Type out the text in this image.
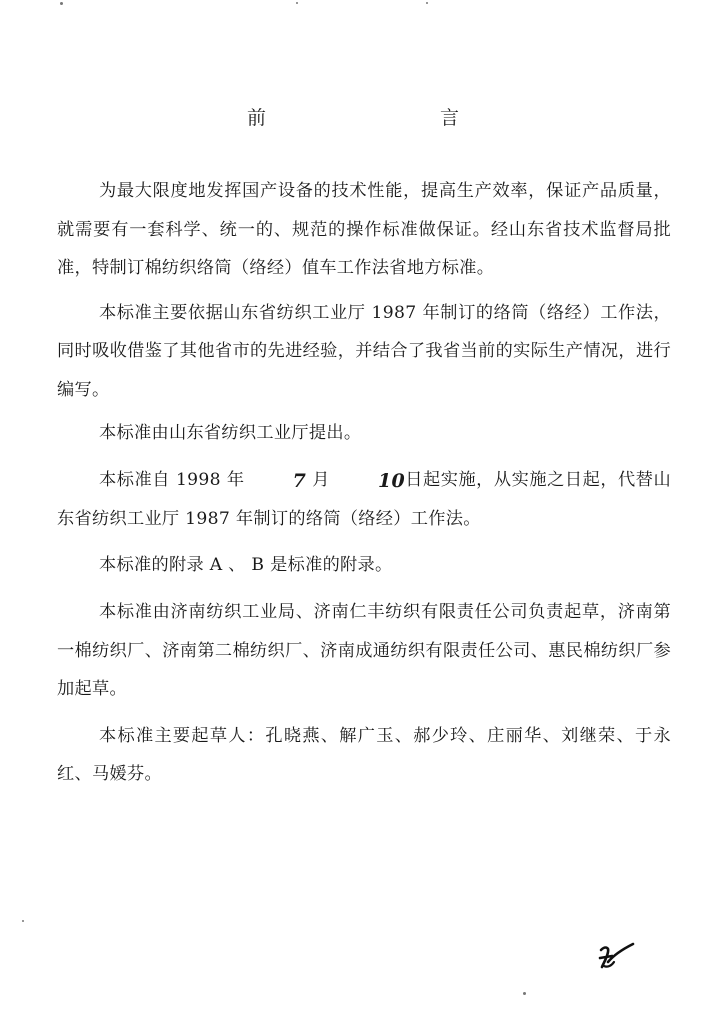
前 言

为最大限度地发挥国产设备的技术性能，提高生产效率，保证产品质量，就需要有一套科学、统一的、规范的操作标准做保证。经山东省技术监督局批准，特制订棉纺织络筒（络经）值车工作法省地方标准。

本标准主要依据山东省纺织工业厅 1987 年制订的络筒（络经）工作法，同时吸收借鉴了其他省市的先进经验，并结合了我省当前的实际生产情况，进行编写。

本标准由山东省纺织工业厅提出。

本标准自 1998 年	7 月	10日起实施，从实施之日起，代替山东省纺织工业厅 1987 年制订的络筒（络经）工作法。

本标准的附录 A 、 B 是标准的附录。

本标准由济南纺织工业局、济南仁丰纺织有限责任公司负责起草，济南第一棉纺织厂、济南第二棉纺织厂、济南成通纺织有限责任公司、惠民棉纺织厂参加起草。

本标准主要起草人：孔晓燕、解广玉、郝少玲、庄丽华、刘继荣、于永红、马媛芬。
